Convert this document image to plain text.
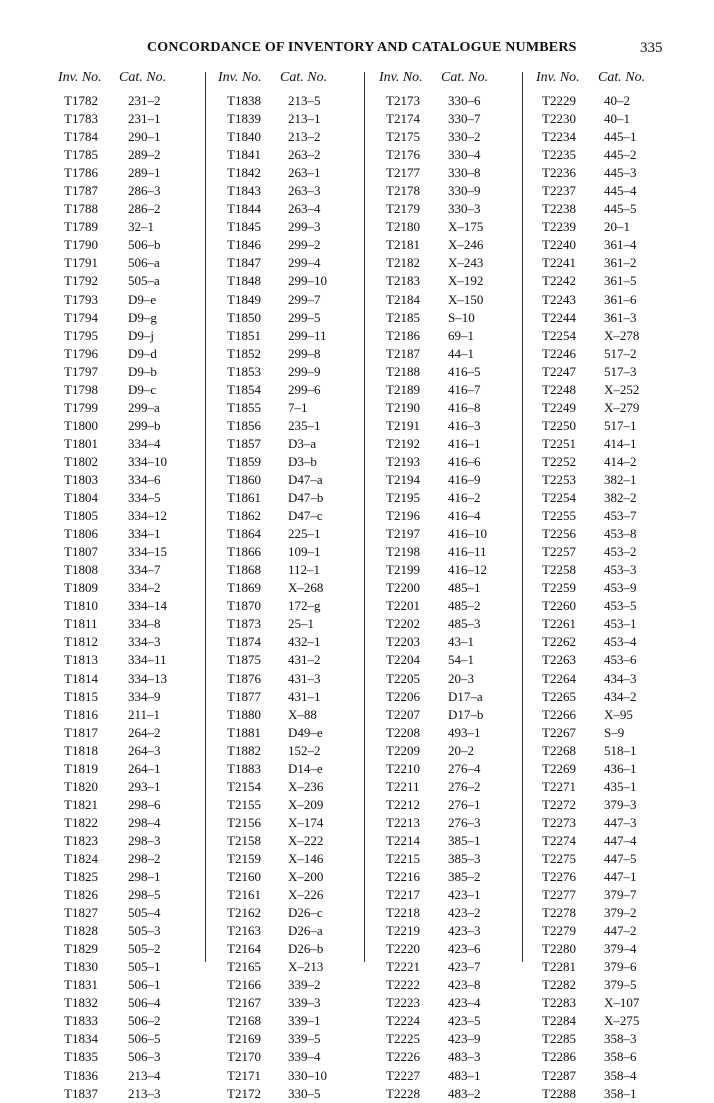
CONCORDANCE OF INVENTORY AND CATALOGUE NUMBERS	335
Inv. No. Cat. No.
T1782 231–2
T1783 231–1
T1784 290–1
T1785 289–2
T1786 289–1
T1787 286–3
T1788 286–2
T1789 32–1
T1790 506–b
T1791 506–a
T1792 505–a
T1793 D9–e
T1794 D9–g
T1795 D9–j
T1796 D9–d
T1797 D9–b
T1798 D9–c
T1799 299–a
T1800 299–b
T1801 334–4
T1802 334–10
T1803 334–6
T1804 334–5
T1805 334–12
T1806 334–1
T1807 334–15
T1808 334–7
T1809 334–2
T1810 334–14
T1811 334–8
T1812 334–3
T1813 334–11
T1814 334–13
T1815 334–9
T1816 211–1
T1817 264–2
T1818 264–3
T1819 264–1
T1820 293–1
T1821 298–6
T1822 298–4
T1823 298–3
T1824 298–2
T1825 298–1
T1826 298–5
T1827 505–4
T1828 505–3
T1829 505–2
T1830 505–1
T1831 506–1
T1832 506–4
T1833 506–2
T1834 506–5
T1835 506–3
T1836 213–4
T1837 213–3
Inv. No. Cat. No.
T1838 213–5
T1839 213–1
T1840 213–2
T1841 263–2
T1842 263–1
T1843 263–3
T1844 263–4
T1845 299–3
T1846 299–2
T1847 299–4
T1848 299–10
T1849 299–7
T1850 299–5
T1851 299–11
T1852 299–8
T1853 299–9
T1854 299–6
T1855 7–1
T1856 235–1
T1857 D3–a
T1859 D3–b
T1860 D47–a
T1861 D47–b
T1862 D47–c
T1864 225–1
T1866 109–1
T1868 112–1
T1869 X–268
T1870 172–g
T1873 25–1
T1874 432–1
T1875 431–2
T1876 431–3
T1877 431–1
T1880 X–88
T1881 D49–e
T1882 152–2
T1883 D14–e
T2154 X–236
T2155 X–209
T2156 X–174
T2158 X–222
T2159 X–146
T2160 X–200
T2161 X–226
T2162 D26–c
T2163 D26–a
T2164 D26–b
T2165 X–213
T2166 339–2
T2167 339–3
T2168 339–1
T2169 339–5
T2170 339–4
T2171 330–10
T2172 330–5
Inv. No. Cat. No.
T2173 330–6
T2174 330–7
T2175 330–2
T2176 330–4
T2177 330–8
T2178 330–9
T2179 330–3
T2180 X–175
T2181 X–246
T2182 X–243
T2183 X–192
T2184 X–150
T2185 S–10
T2186 69–1
T2187 44–1
T2188 416–5
T2189 416–7
T2190 416–8
T2191 416–3
T2192 416–1
T2193 416–6
T2194 416–9
T2195 416–2
T2196 416–4
T2197 416–10
T2198 416–11
T2199 416–12
T2200 485–1
T2201 485–2
T2202 485–3
T2203 43–1
T2204 54–1
T2205 20–3
T2206 D17–a
T2207 D17–b
T2208 493–1
T2209 20–2
T2210 276–4
T2211 276–2
T2212 276–1
T2213 276–3
T2214 385–1
T2215 385–3
T2216 385–2
T2217 423–1
T2218 423–2
T2219 423–3
T2220 423–6
T2221 423–7
T2222 423–8
T2223 423–4
T2224 423–5
T2225 423–9
T2226 483–3
T2227 483–1
T2228 483–2
Inv. No. Cat. No.
T2229 40–2
T2230 40–1
T2234 445–1
T2235 445–2
T2236 445–3
T2237 445–4
T2238 445–5
T2239 20–1
T2240 361–4
T2241 361–2
T2242 361–5
T2243 361–6
T2244 361–3
T2254 X–278
T2246 517–2
T2247 517–3
T2248 X–252
T2249 X–279
T2250 517–1
T2251 414–1
T2252 414–2
T2253 382–1
T2254 382–2
T2255 453–7
T2256 453–8
T2257 453–2
T2258 453–3
T2259 453–9
T2260 453–5
T2261 453–1
T2262 453–4
T2263 453–6
T2264 434–3
T2265 434–2
T2266 X–95
T2267 S–9
T2268 518–1
T2269 436–1
T2271 435–1
T2272 379–3
T2273 447–3
T2274 447–4
T2275 447–5
T2276 447–1
T2277 379–7
T2278 379–2
T2279 447–2
T2280 379–4
T2281 379–6
T2282 379–5
T2283 X–107
T2284 X–275
T2285 358–3
T2286 358–6
T2287 358–4
T2288 358–1
